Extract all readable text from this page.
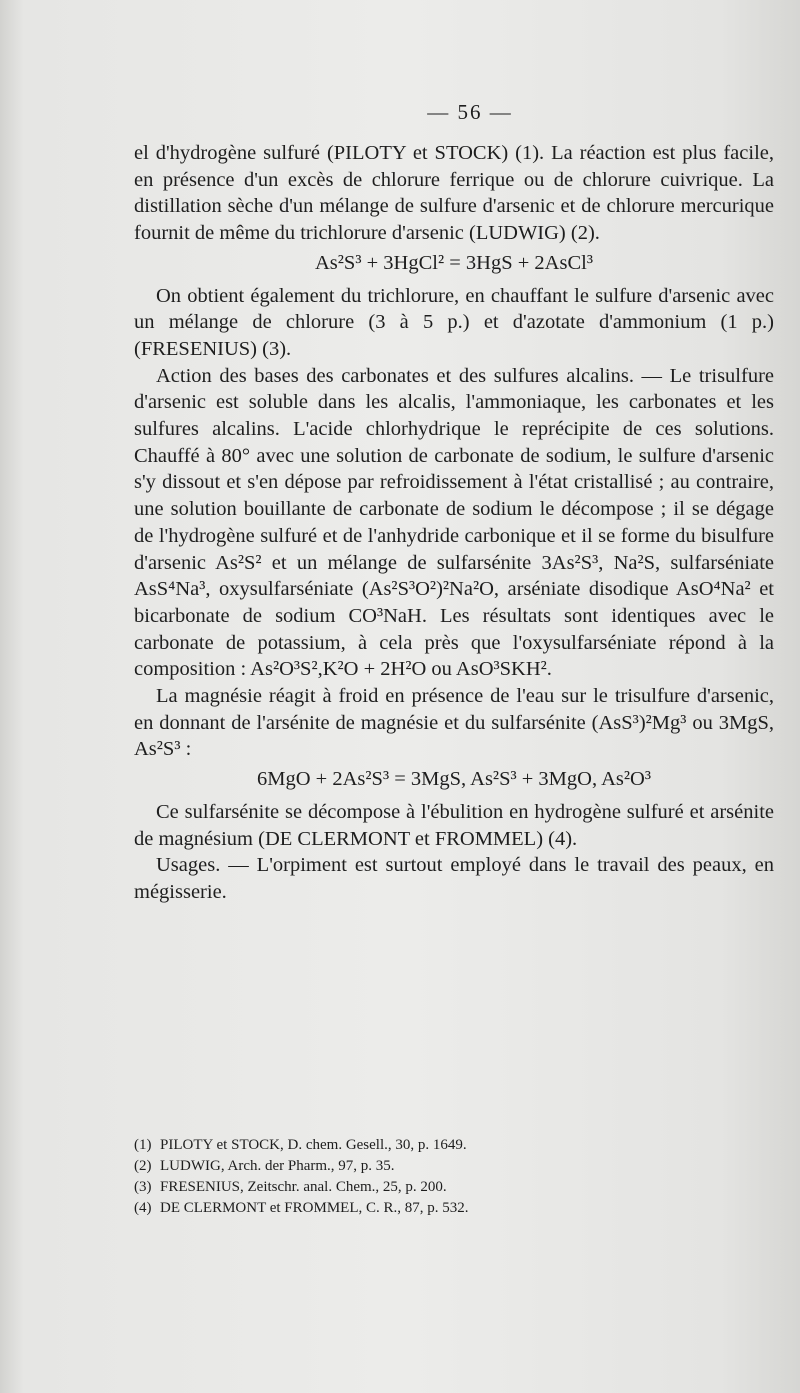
— 56 —

el d'hydrogène sulfuré (PILOTY et STOCK) (1). La réaction est plus facile, en présence d'un excès de chlorure ferrique ou de chlorure cuivrique. La distillation sèche d'un mélange de sulfure d'arsenic et de chlorure mercurique fournit de même du trichlorure d'arsenic (LUDWIG) (2).

As²S³ + 3HgCl² = 3HgS + 2AsCl³

On obtient également du trichlorure, en chauffant le sulfure d'arsenic avec un mélange de chlorure (3 à 5 p.) et d'azotate d'ammonium (1 p.) (FRESENIUS) (3).

Action des bases des carbonates et des sulfures alcalins. — Le trisulfure d'arsenic est soluble dans les alcalis, l'ammoniaque, les carbonates et les sulfures alcalins. L'acide chlorhydrique le reprécipite de ces solutions. Chauffé à 80° avec une solution de carbonate de sodium, le sulfure d'arsenic s'y dissout et s'en dépose par refroidissement à l'état cristallisé ; au contraire, une solution bouillante de carbonate de sodium le décompose ; il se dégage de l'hydrogène sulfuré et de l'anhydride carbonique et il se forme du bisulfure d'arsenic As²S² et un mélange de sulfarsénite 3As²S³, Na²S, sulfarséniate AsS⁴Na³, oxysulfarséniate (As²S³O²)²Na²O, arséniate disodique AsO⁴Na² et bicarbonate de sodium CO³NaH. Les résultats sont identiques avec le carbonate de potassium, à cela près que l'oxysulfarséniate répond à la composition : As²O³S²,K²O + 2H²O ou AsO³SKH².

La magnésie réagit à froid en présence de l'eau sur le trisulfure d'arsenic, en donnant de l'arsénite de magnésie et du sulfarsénite (AsS³)²Mg³ ou 3MgS, As²S³ :

6MgO + 2As²S³ = 3MgS, As²S³ + 3MgO, As²O³

Ce sulfarsénite se décompose à l'ébulition en hydrogène sulfuré et arsénite de magnésium (DE CLERMONT et FROMMEL) (4).

Usages. — L'orpiment est surtout employé dans le travail des peaux, en mégisserie.

(1) PILOTY et STOCK, D. chem. Gesell., 30, p. 1649.
(2) LUDWIG, Arch. der Pharm., 97, p. 35.
(3) FRESENIUS, Zeitschr. anal. Chem., 25, p. 200.
(4) DE CLERMONT et FROMMEL, C. R., 87, p. 532.
